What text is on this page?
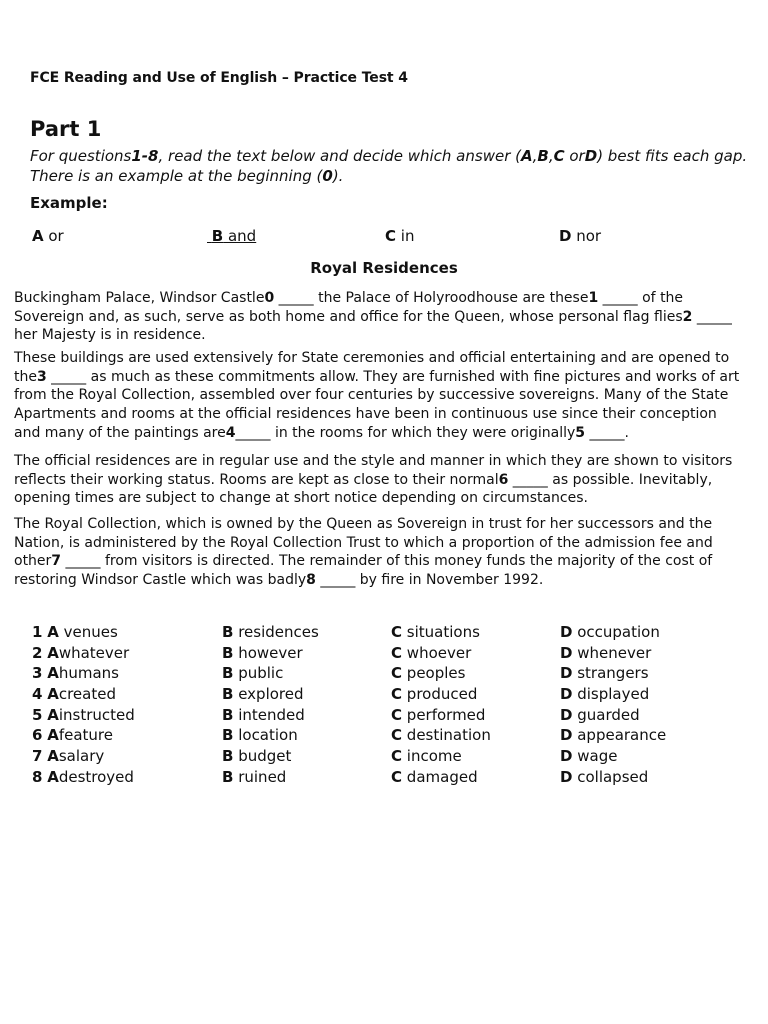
FCE Reading and Use of English – Practice Test 4
Part 1
For questions1-8, read the text below and decide which answer (A,B,C orD) best fits each gap. There is an example at the beginning (0).
Example:
A or	B and	C in	D nor
Royal Residences
Buckingham Palace, Windsor Castle0 _____ the Palace of Holyroodhouse are these1 _____ of the Sovereign and, as such, serve as both home and office for the Queen, whose personal flag flies2 _____ her Majesty is in residence.
These buildings are used extensively for State ceremonies and official entertaining and are opened to the3 _____ as much as these commitments allow. They are furnished with fine pictures and works of art from the Royal Collection, assembled over four centuries by successive sovereigns. Many of the State Apartments and rooms at the official residences have been in continuous use since their conception and many of the paintings are4_____ in the rooms for which they were originally5 _____.
The official residences are in regular use and the style and manner in which they are shown to visitors reflects their working status. Rooms are kept as close to their normal6 _____ as possible. Inevitably, opening times are subject to change at short notice depending on circumstances.
The Royal Collection, which is owned by the Queen as Sovereign in trust for her successors and the Nation, is administered by the Royal Collection Trust to which a proportion of the admission fee and other7 _____ from visitors is directed. The remainder of this money funds the majority of the cost of restoring Windsor Castle which was badly8 _____ by fire in November 1992.
1 A venues	B residences	C situations	D occupation
2 Awhatever	B however	C whoever	D whenever
3 Ahumans	B public	C peoples	D strangers
4 Acreated	B explored	C produced	D displayed
5 Ainstructed	B intended	C performed	D guarded
6 Afeature	B location	C destination	D appearance
7 Asalary	B budget	C income	D wage
8 Adestroyed	B ruined	C damaged	D collapsed
